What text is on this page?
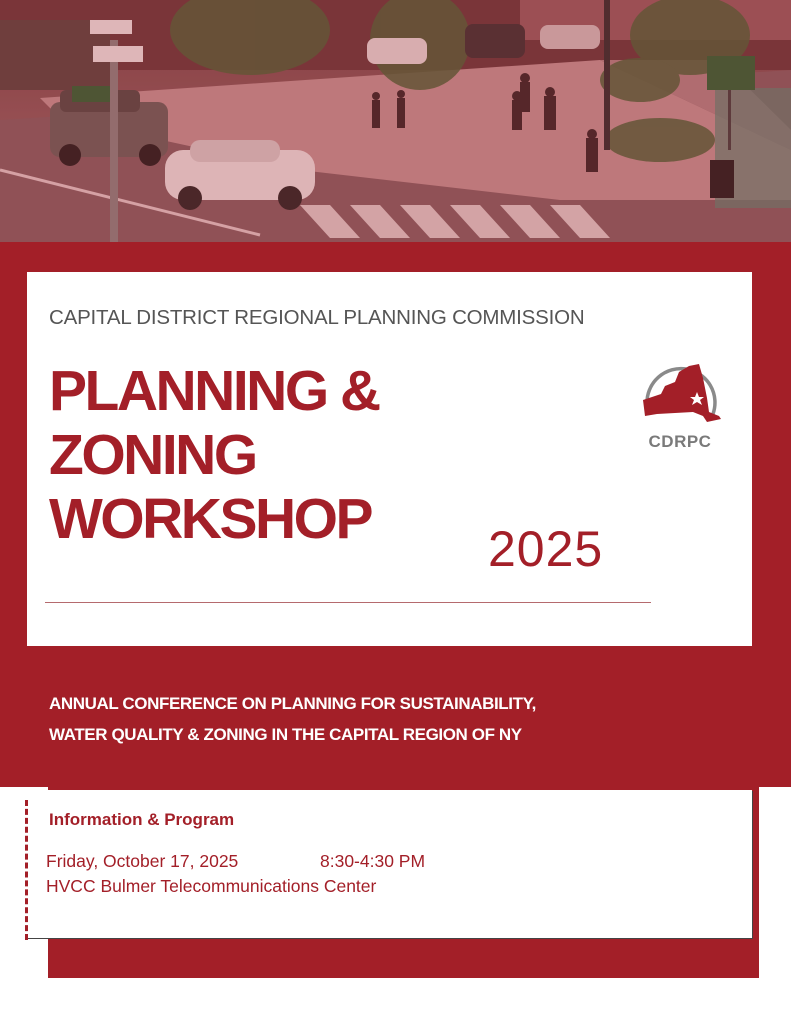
CAPITAL DISTRICT REGIONAL PLANNING COMMISSION
PLANNING &
ZONING
WORKSHOP 2025
CDRPC
ANNUAL CONFERENCE ON PLANNING FOR SUSTAINABILITY,
WATER QUALITY & ZONING IN THE CAPITAL REGION OF NY
Information & Program
Friday, October 17, 2025	8:30-4:30 PM
HVCC Bulmer Telecommunications Center
